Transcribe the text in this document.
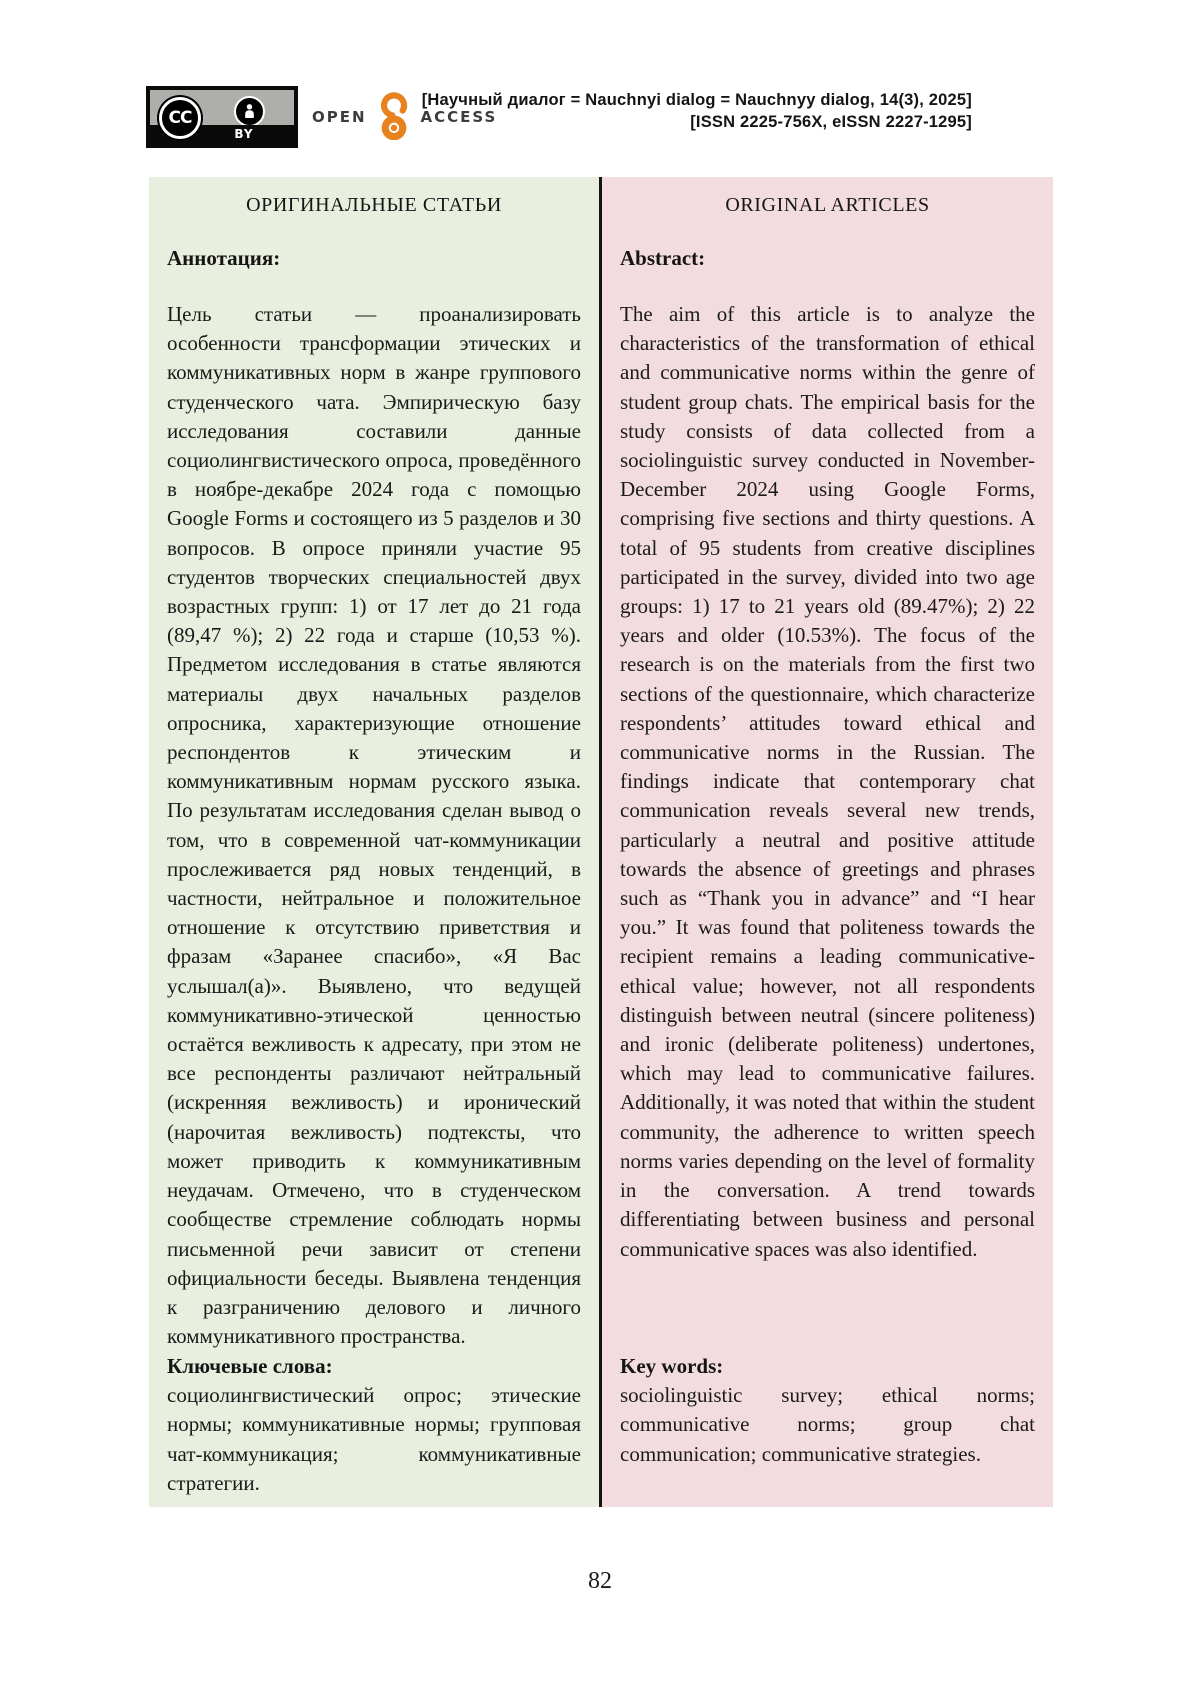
CC
BY
OPEN	ACCESS
[Научный диалог = Nauchnyi dialog = Nauchnyy dialog, 14(3), 2025]
[ISSN 2225-756X, eISSN 2227-1295]
ОРИГИНАЛЬНЫЕ СТАТЬИ
Аннотация:
Цель статьи — проанализировать особенности трансформации этических и коммуникативных норм в жанре группового студенческого чата. Эмпирическую базу исследования составили данные социолингвистического опроса, проведённого в ноябре-декабре 2024 года с помощью Google Forms и состоящего из 5 разделов и 30 вопросов. В опросе приняли участие 95 студентов творческих специальностей двух возрастных групп: 1) от 17 лет до 21 года (89,47 %); 2) 22 года и старше (10,53 %). Предметом исследования в статье являются материалы двух начальных разделов опросника, характеризующие отношение респондентов к этическим и коммуникативным нормам русского языка. По результатам исследования сделан вывод о том, что в современной чат-коммуникации прослеживается ряд новых тенденций, в частности, нейтральное и положительное отношение к отсутствию приветствия и фразам «Заранее спасибо», «Я Вас услышал(а)». Выявлено, что ведущей коммуникативно-этической ценностью остаётся вежливость к адресату, при этом не все респонденты различают нейтральный (искренняя вежливость) и иронический (нарочитая вежливость) подтексты, что может приводить к коммуникативным неудачам. Отмечено, что в студенческом сообществе стремление соблюдать нормы письменной речи зависит от степени официальности беседы. Выявлена тенденция к разграничению делового и личного коммуникативного пространства.
Ключевые слова:
социолингвистический опрос; этические нормы; коммуникативные нормы; групповая чат-коммуникация; коммуникативные стратегии.
ORIGINAL ARTICLES
Abstract:
The aim of this article is to analyze the characteristics of the transformation of ethical and communicative norms within the genre of student group chats. The empirical basis for the study consists of data collected from a sociolinguistic survey conducted in November-December 2024 using Google Forms, comprising five sections and thirty questions. A total of 95 students from creative disciplines participated in the survey, divided into two age groups: 1) 17 to 21 years old (89.47%); 2) 22 years and older (10.53%). The focus of the research is on the materials from the first two sections of the questionnaire, which characterize respondents’ attitudes toward ethical and communicative norms in the Russian. The findings indicate that contemporary chat communication reveals several new trends, particularly a neutral and positive attitude towards the absence of greetings and phrases such as “Thank you in advance” and “I hear you.” It was found that politeness towards the recipient remains a leading communicative-ethical value; however, not all respondents distinguish between neutral (sincere politeness) and ironic (deliberate politeness) undertones, which may lead to communicative failures. Additionally, it was noted that within the student community, the adherence to written speech norms varies depending on the level of formality in the conversation. A trend towards differentiating between business and personal communicative spaces was also identified.
Key words:
sociolinguistic survey; ethical norms; communicative norms; group chat communication; communicative strategies.
82
